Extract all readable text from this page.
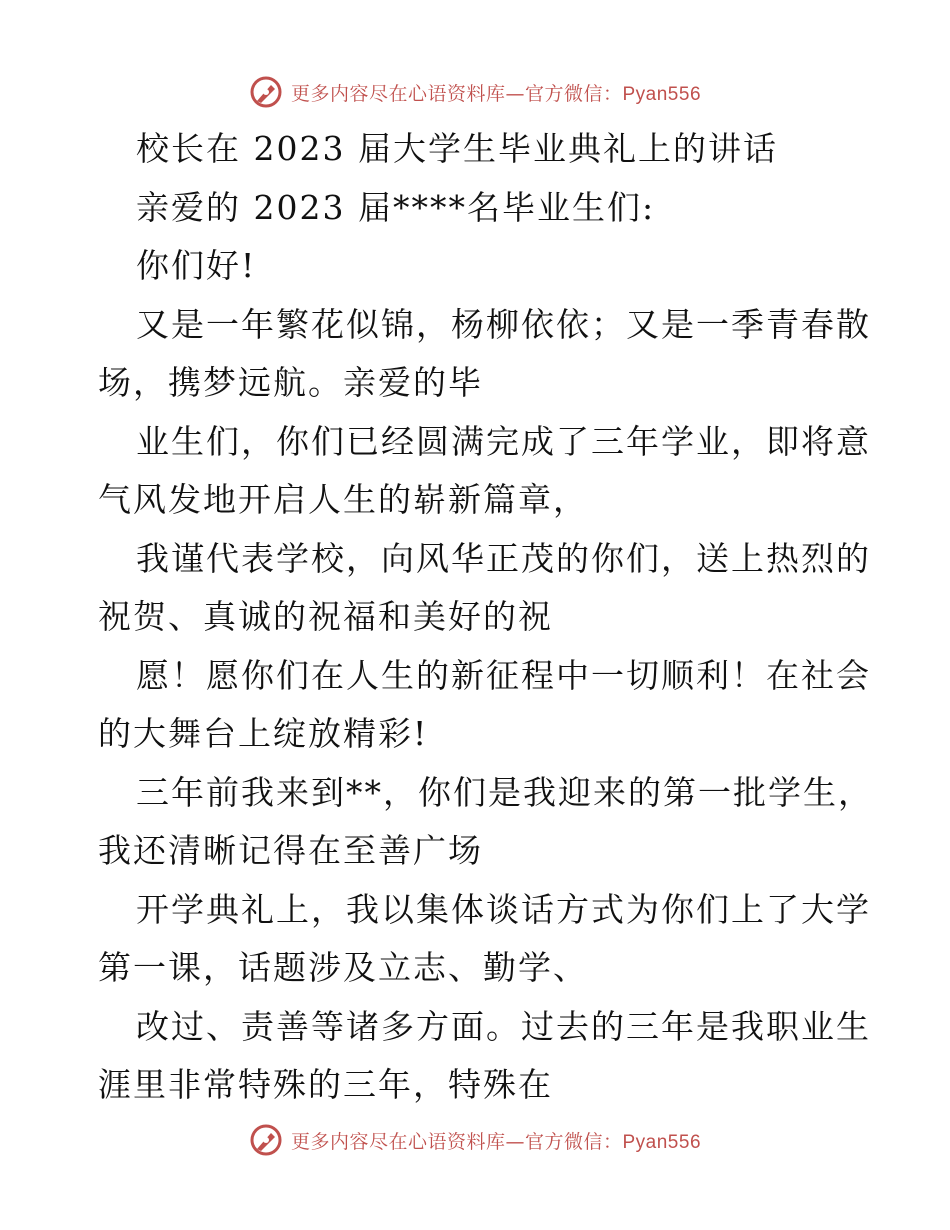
更多内容尽在心语资料库—官方微信：Pyan556
校长在 2023 届大学生毕业典礼上的讲话
亲爱的 2023 届****名毕业生们:
你们好!
又是一年繁花似锦，杨柳依依；又是一季青春散
场，携梦远航。亲爱的毕
业生们，你们已经圆满完成了三年学业，即将意
气风发地开启人生的崭新篇章，
我谨代表学校，向风华正茂的你们，送上热烈的
祝贺、真诚的祝福和美好的祝
愿！愿你们在人生的新征程中一切顺利！在社会
的大舞台上绽放精彩!
三年前我来到**，你们是我迎来的第一批学生，
我还清晰记得在至善广场
开学典礼上，我以集体谈话方式为你们上了大学
第一课，话题涉及立志、勤学、
改过、责善等诸多方面。过去的三年是我职业生
涯里非常特殊的三年，特殊在
更多内容尽在心语资料库—官方微信：Pyan556
